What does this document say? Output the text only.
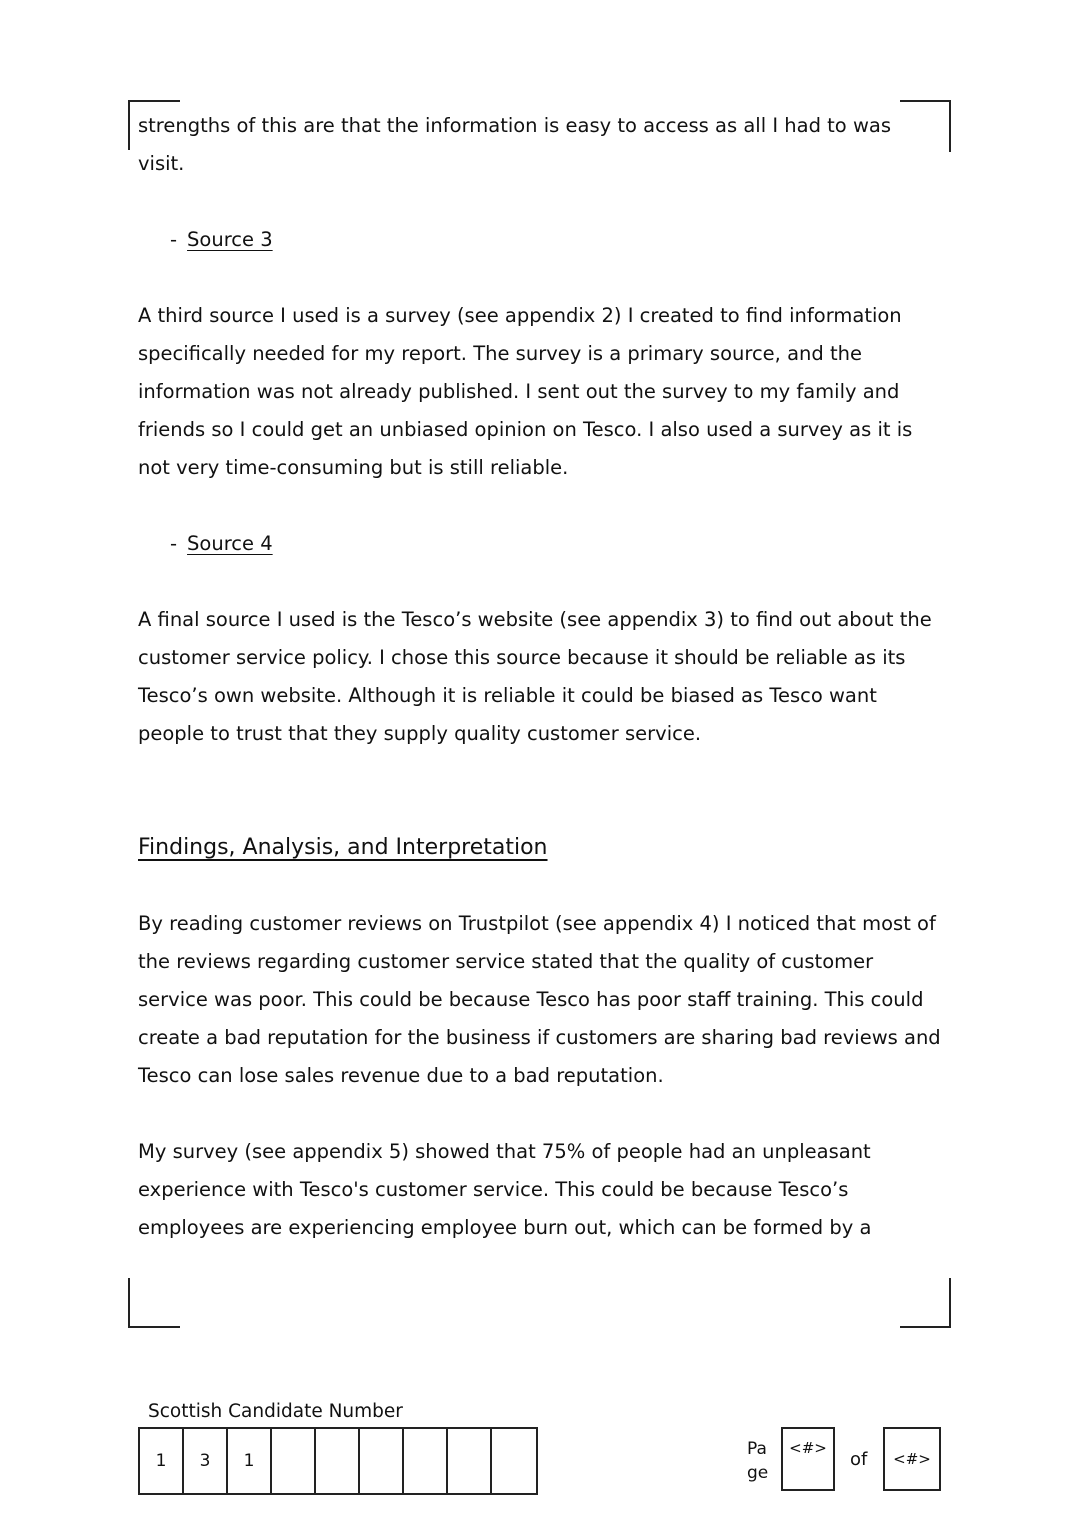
strengths of this are that the information is easy to access as all I had to was
visit.

- Source 3

A third source I used is a survey (see appendix 2) I created to find information
specifically needed for my report. The survey is a primary source, and the
information was not already published. I sent out the survey to my family and
friends so I could get an unbiased opinion on Tesco. I also used a survey as it is
not very time-consuming but is still reliable.

- Source 4

A final source I used is the Tesco’s website (see appendix 3) to find out about the
customer service policy. I chose this source because it should be reliable as its
Tesco’s own website. Although it is reliable it could be biased as Tesco want
people to trust that they supply quality customer service.

Findings, Analysis, and Interpretation

By reading customer reviews on Trustpilot (see appendix 4) I noticed that most of
the reviews regarding customer service stated that the quality of customer
service was poor. This could be because Tesco has poor staff training. This could
create a bad reputation for the business if customers are sharing bad reviews and
Tesco can lose sales revenue due to a bad reputation.

My survey (see appendix 5) showed that 75% of people had an unpleasant
experience with Tesco's customer service. This could be because Tesco’s
employees are experiencing employee burn out, which can be formed by a

Scottish Candidate Number
1	3	1
Pa
ge
<#>
of	<#>
